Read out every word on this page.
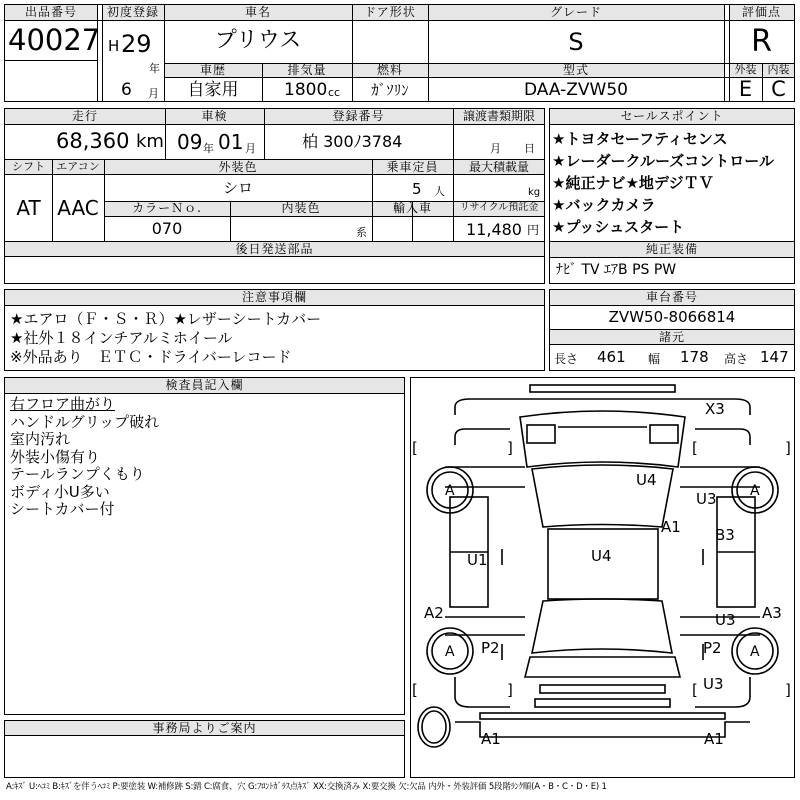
出品番号
40027
初度登録
H 29
年
6 月
車名
プリウス
ドア形状	グレード
S
評価点
R
車歴
自家用
排気量
1800 cc
燃料
ｶﾞｿﾘﾝ
型式
DAA-ZVW50
外装	内装
E C
走行
68,360 km
車検
09 年 01 月
登録番号
柏 300ﾉ3784
譲渡書類期限
月 日
シフト
AT
エアコン
AAC
外装色
シロ
乗車定員
5 人
最大積載量
kg
カラーＮｏ.
070
内装色
系
輸入車	リサイクル預託金
11,480 円
後日発送部品
セールスポイント
★トヨタセーフティセンス
★レーダークルーズコントロール
★純正ナビ★地デジＴＶ
★バックカメラ
★プッシュスタート
純正装備
ﾅﾋﾞ TV ｴｱB PS PW
注意事項欄
★エアロ（Ｆ・Ｓ・Ｒ）★レザーシートカバー
★社外１８インチアルミホイール
※外品あり　ＥＴＣ・ドライバーレコード
車台番号
ZVW50-8066814
諸元
長さ 461 幅 178 高さ 147
検査員記入欄
右フロア曲がり
ハンドルグリップ破れ
室内汚れ
外装小傷有り
テールランプくもり
ボディ小U多い
シートカバー付
事務局よりご案内
[	]	[	]
[	]	[	]
A	A
A	A
X3
U4
U3
A1 B3
U1	U4
A2	U3 A3
P2	P2
U3
A1	A1
A:ｷｽﾞ U:ﾍｺﾐ B:ｷｽﾞを伴うﾍｺﾐ P:要塗装 W:補修跡 S:錆 C:腐食、穴 G:ﾌﾛﾝﾄｶﾞﾗｽ点ｷｽﾞ XX:交換済み X:要交換 欠:欠品 内外・外装評価 5段階ﾗﾝｸ順(A・B・C・D・E) 1
